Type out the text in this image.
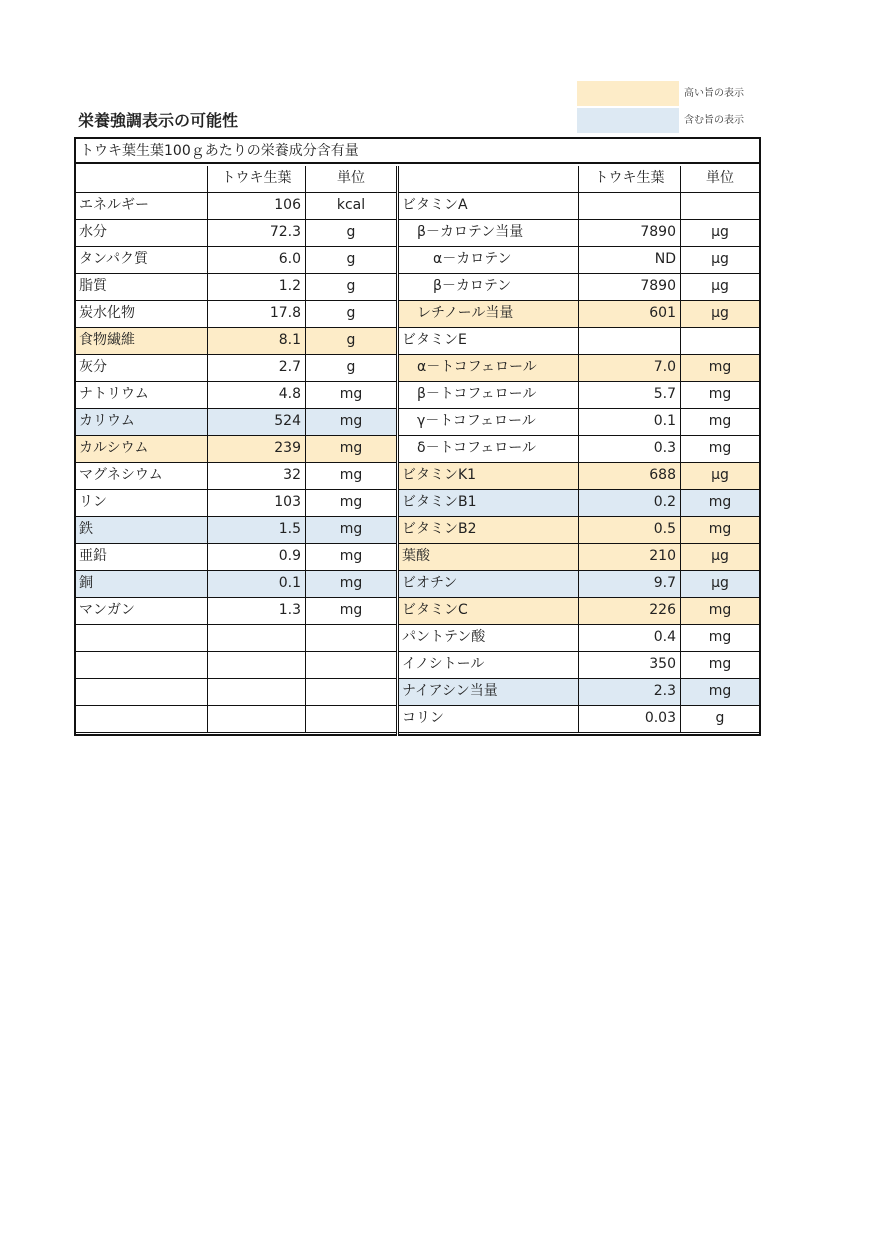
高い旨の表示
含む旨の表示
栄養強調表示の可能性
トウキ葉生葉100ｇあたりの栄養成分含有量
トウキ生葉	単位	トウキ生葉	単位
エネルギー	106	kcal
水分	72.3	g
タンパク質	6.0	g
脂質	1.2	g
炭水化物	17.8	g
食物繊維	8.1	g
灰分	2.7	g
ナトリウム	4.8	mg
カリウム	524	mg
カルシウム	239	mg
マグネシウム	32	mg
リン	103	mg
鉄	1.5	mg
亜鉛	0.9	mg
銅	0.1	mg
マンガン	1.3	mg
ビタミンA
β－カロテン当量	7890	μg
α－カロテン	ND	μg
β－カロテン	7890	μg
レチノール当量	601	μg
ビタミンE
α－トコフェロール	7.0	mg
β－トコフェロール	5.7	mg
γ－トコフェロール	0.1	mg
δ－トコフェロール	0.3	mg
ビタミンK1	688	μg
ビタミンB1	0.2	mg
ビタミンB2	0.5	mg
葉酸	210	μg
ビオチン	9.7	μg
ビタミンC	226	mg
パントテン酸	0.4	mg
イノシトール	350	mg
ナイアシン当量	2.3	mg
コリン	0.03	g
